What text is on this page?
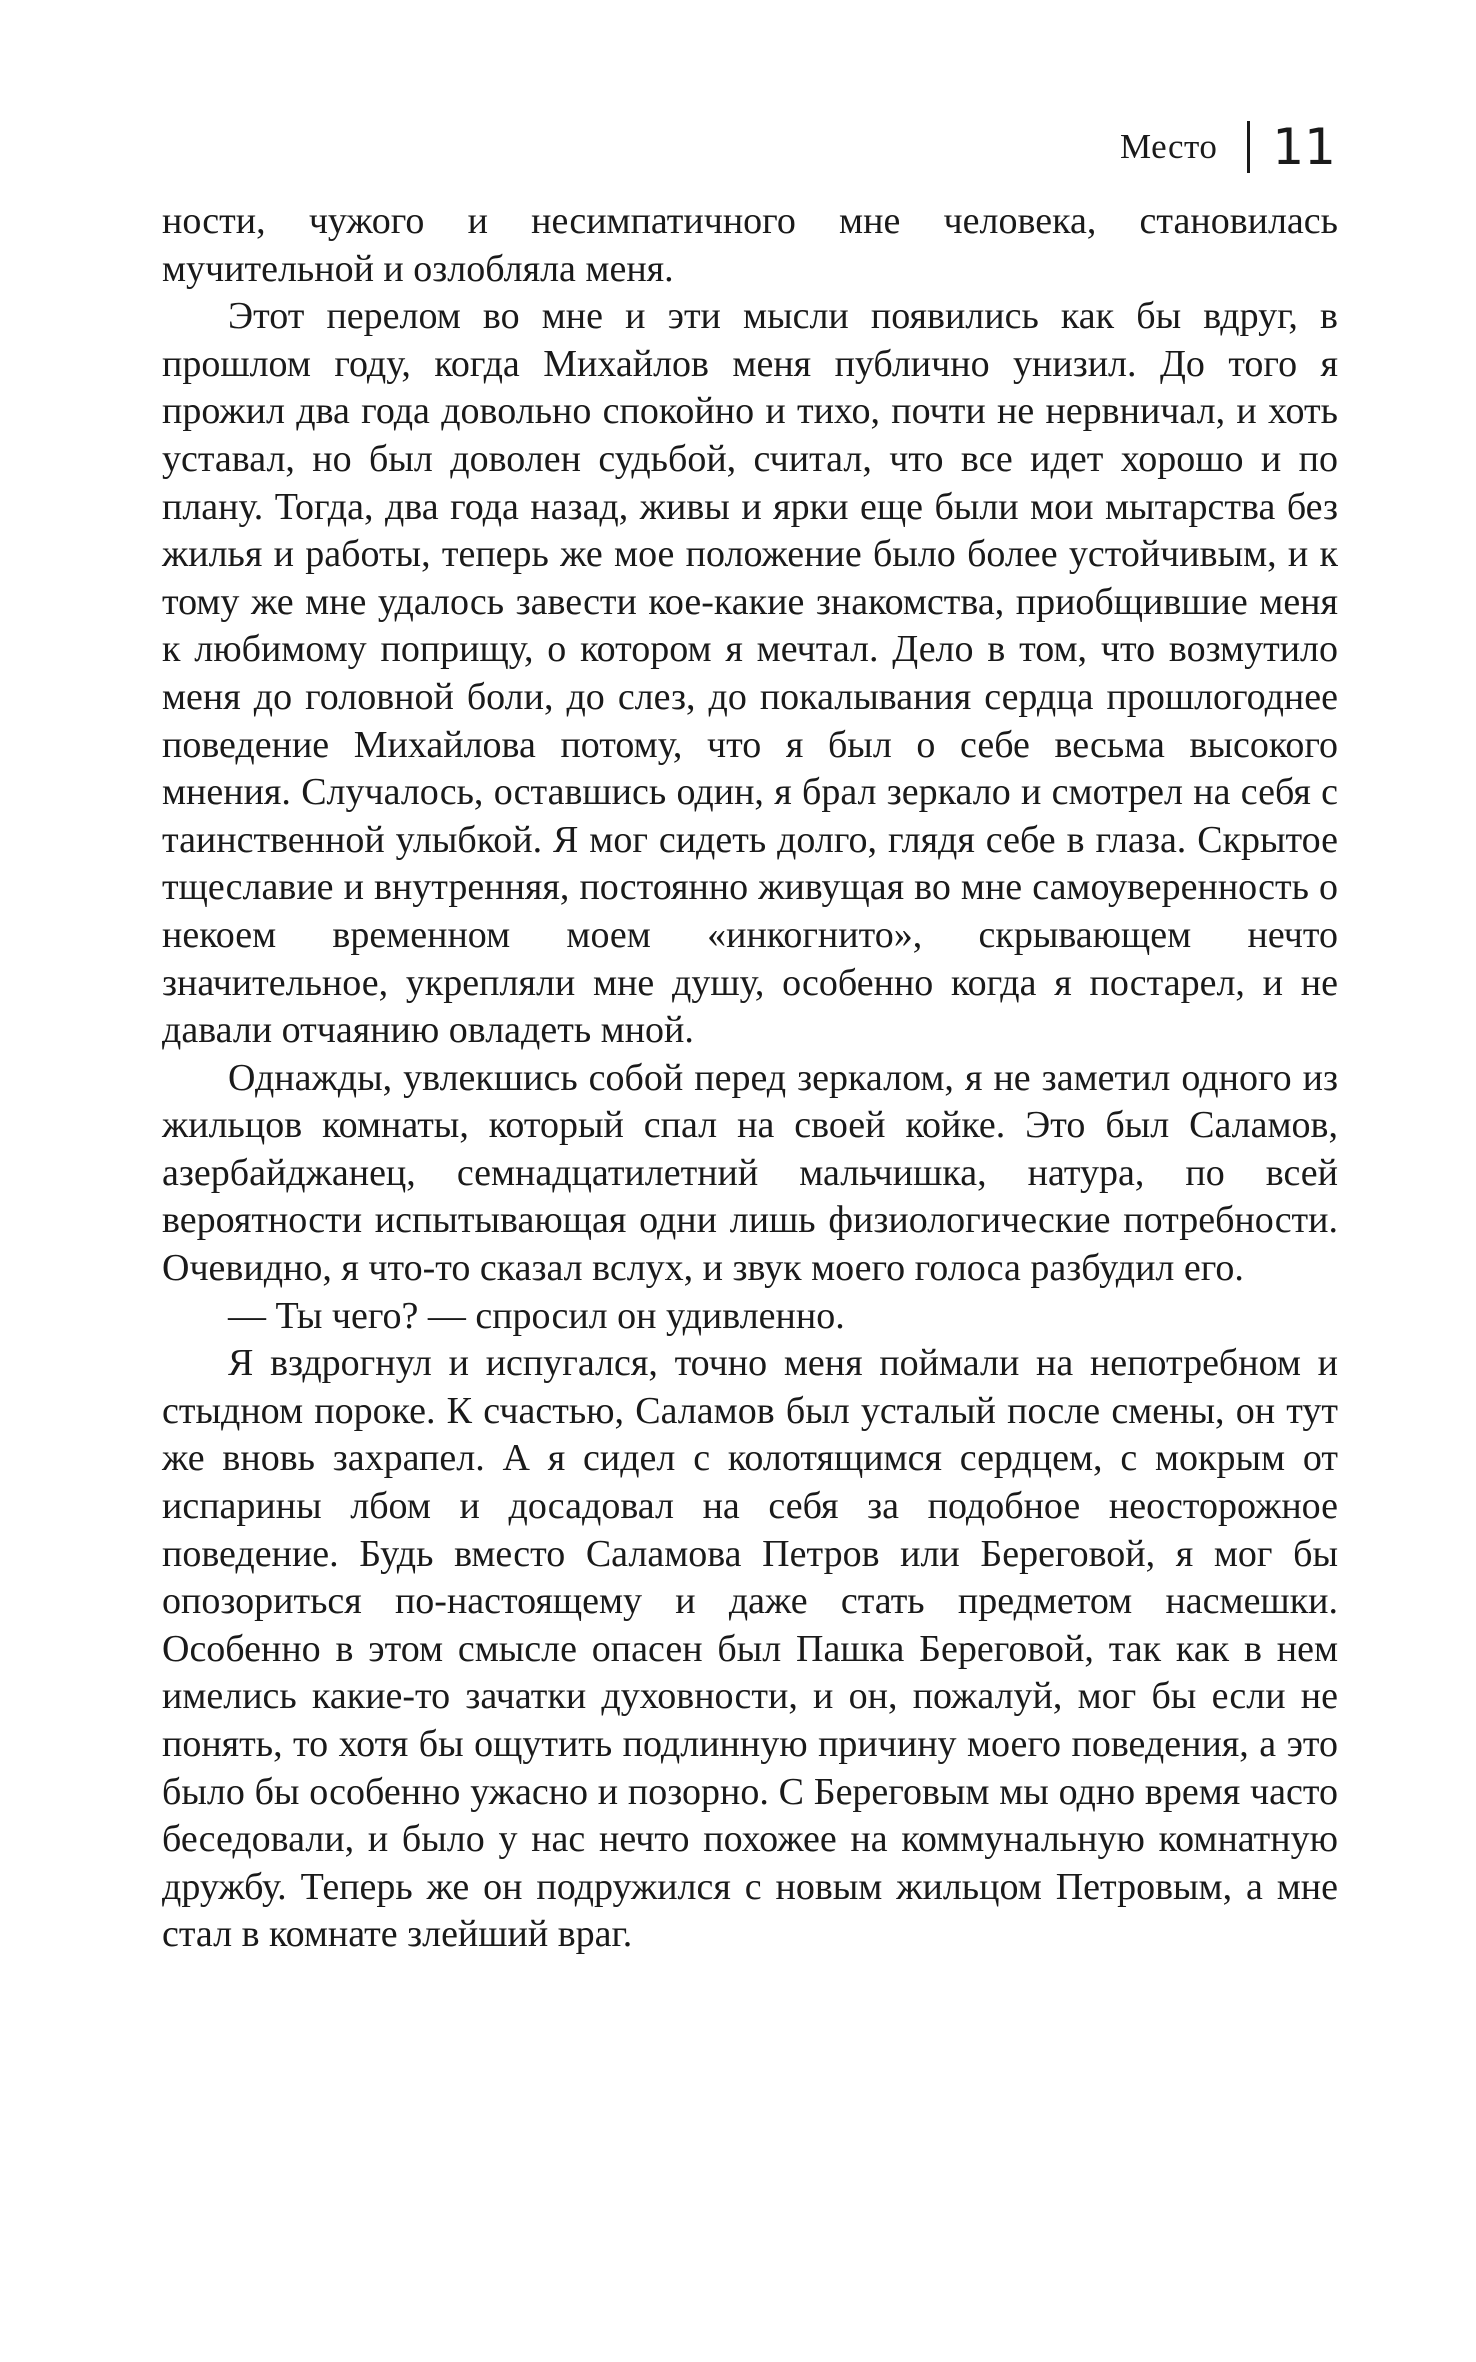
Место 11

ности, чужого и несимпатичного мне человека, становилась мучительной и озлобляла меня.

Этот перелом во мне и эти мысли появились как бы вдруг, в прошлом году, когда Михайлов меня публично унизил. До того я прожил два года довольно спокойно и тихо, почти не нервничал, и хоть уставал, но был доволен судьбой, считал, что все идет хорошо и по плану. Тогда, два года назад, живы и ярки еще были мои мытарства без жилья и работы, теперь же мое положение было более устойчивым, и к тому же мне удалось завести кое-какие знакомства, приобщившие меня к любимому поприщу, о котором я мечтал. Дело в том, что возмутило меня до головной боли, до слез, до покалывания сердца прошлогоднее поведение Михайлова потому, что я был о себе весьма высокого мнения. Случалось, оставшись один, я брал зеркало и смотрел на себя с таинственной улыбкой. Я мог сидеть долго, глядя себе в глаза. Скрытое тщеславие и внутренняя, постоянно живущая во мне самоуверенность о некоем временном моем «инкогнито», скрывающем нечто значительное, укрепляли мне душу, особенно когда я постарел, и не давали отчаянию овладеть мной.

Однажды, увлекшись собой перед зеркалом, я не заметил одного из жильцов комнаты, который спал на своей койке. Это был Саламов, азербайджанец, семнадцатилетний мальчишка, натура, по всей вероятности испытывающая одни лишь физиологические потребности. Очевидно, я что-то сказал вслух, и звук моего голоса разбудил его.

— Ты чего? — спросил он удивленно.

Я вздрогнул и испугался, точно меня поймали на непотребном и стыдном пороке. К счастью, Саламов был усталый после смены, он тут же вновь захрапел. А я сидел с колотящимся сердцем, с мокрым от испарины лбом и досадовал на себя за подобное неосторожное поведение. Будь вместо Саламова Петров или Береговой, я мог бы опозориться по-настоящему и даже стать предметом насмешки. Особенно в этом смысле опасен был Пашка Береговой, так как в нем имелись какие-то зачатки духовности, и он, пожалуй, мог бы если не понять, то хотя бы ощутить подлинную причину моего поведения, а это было бы особенно ужасно и позорно. С Береговым мы одно время часто беседовали, и было у нас нечто похожее на коммунальную комнатную дружбу. Теперь же он подружился с новым жильцом Петровым, а мне стал в комнате злейший враг.
